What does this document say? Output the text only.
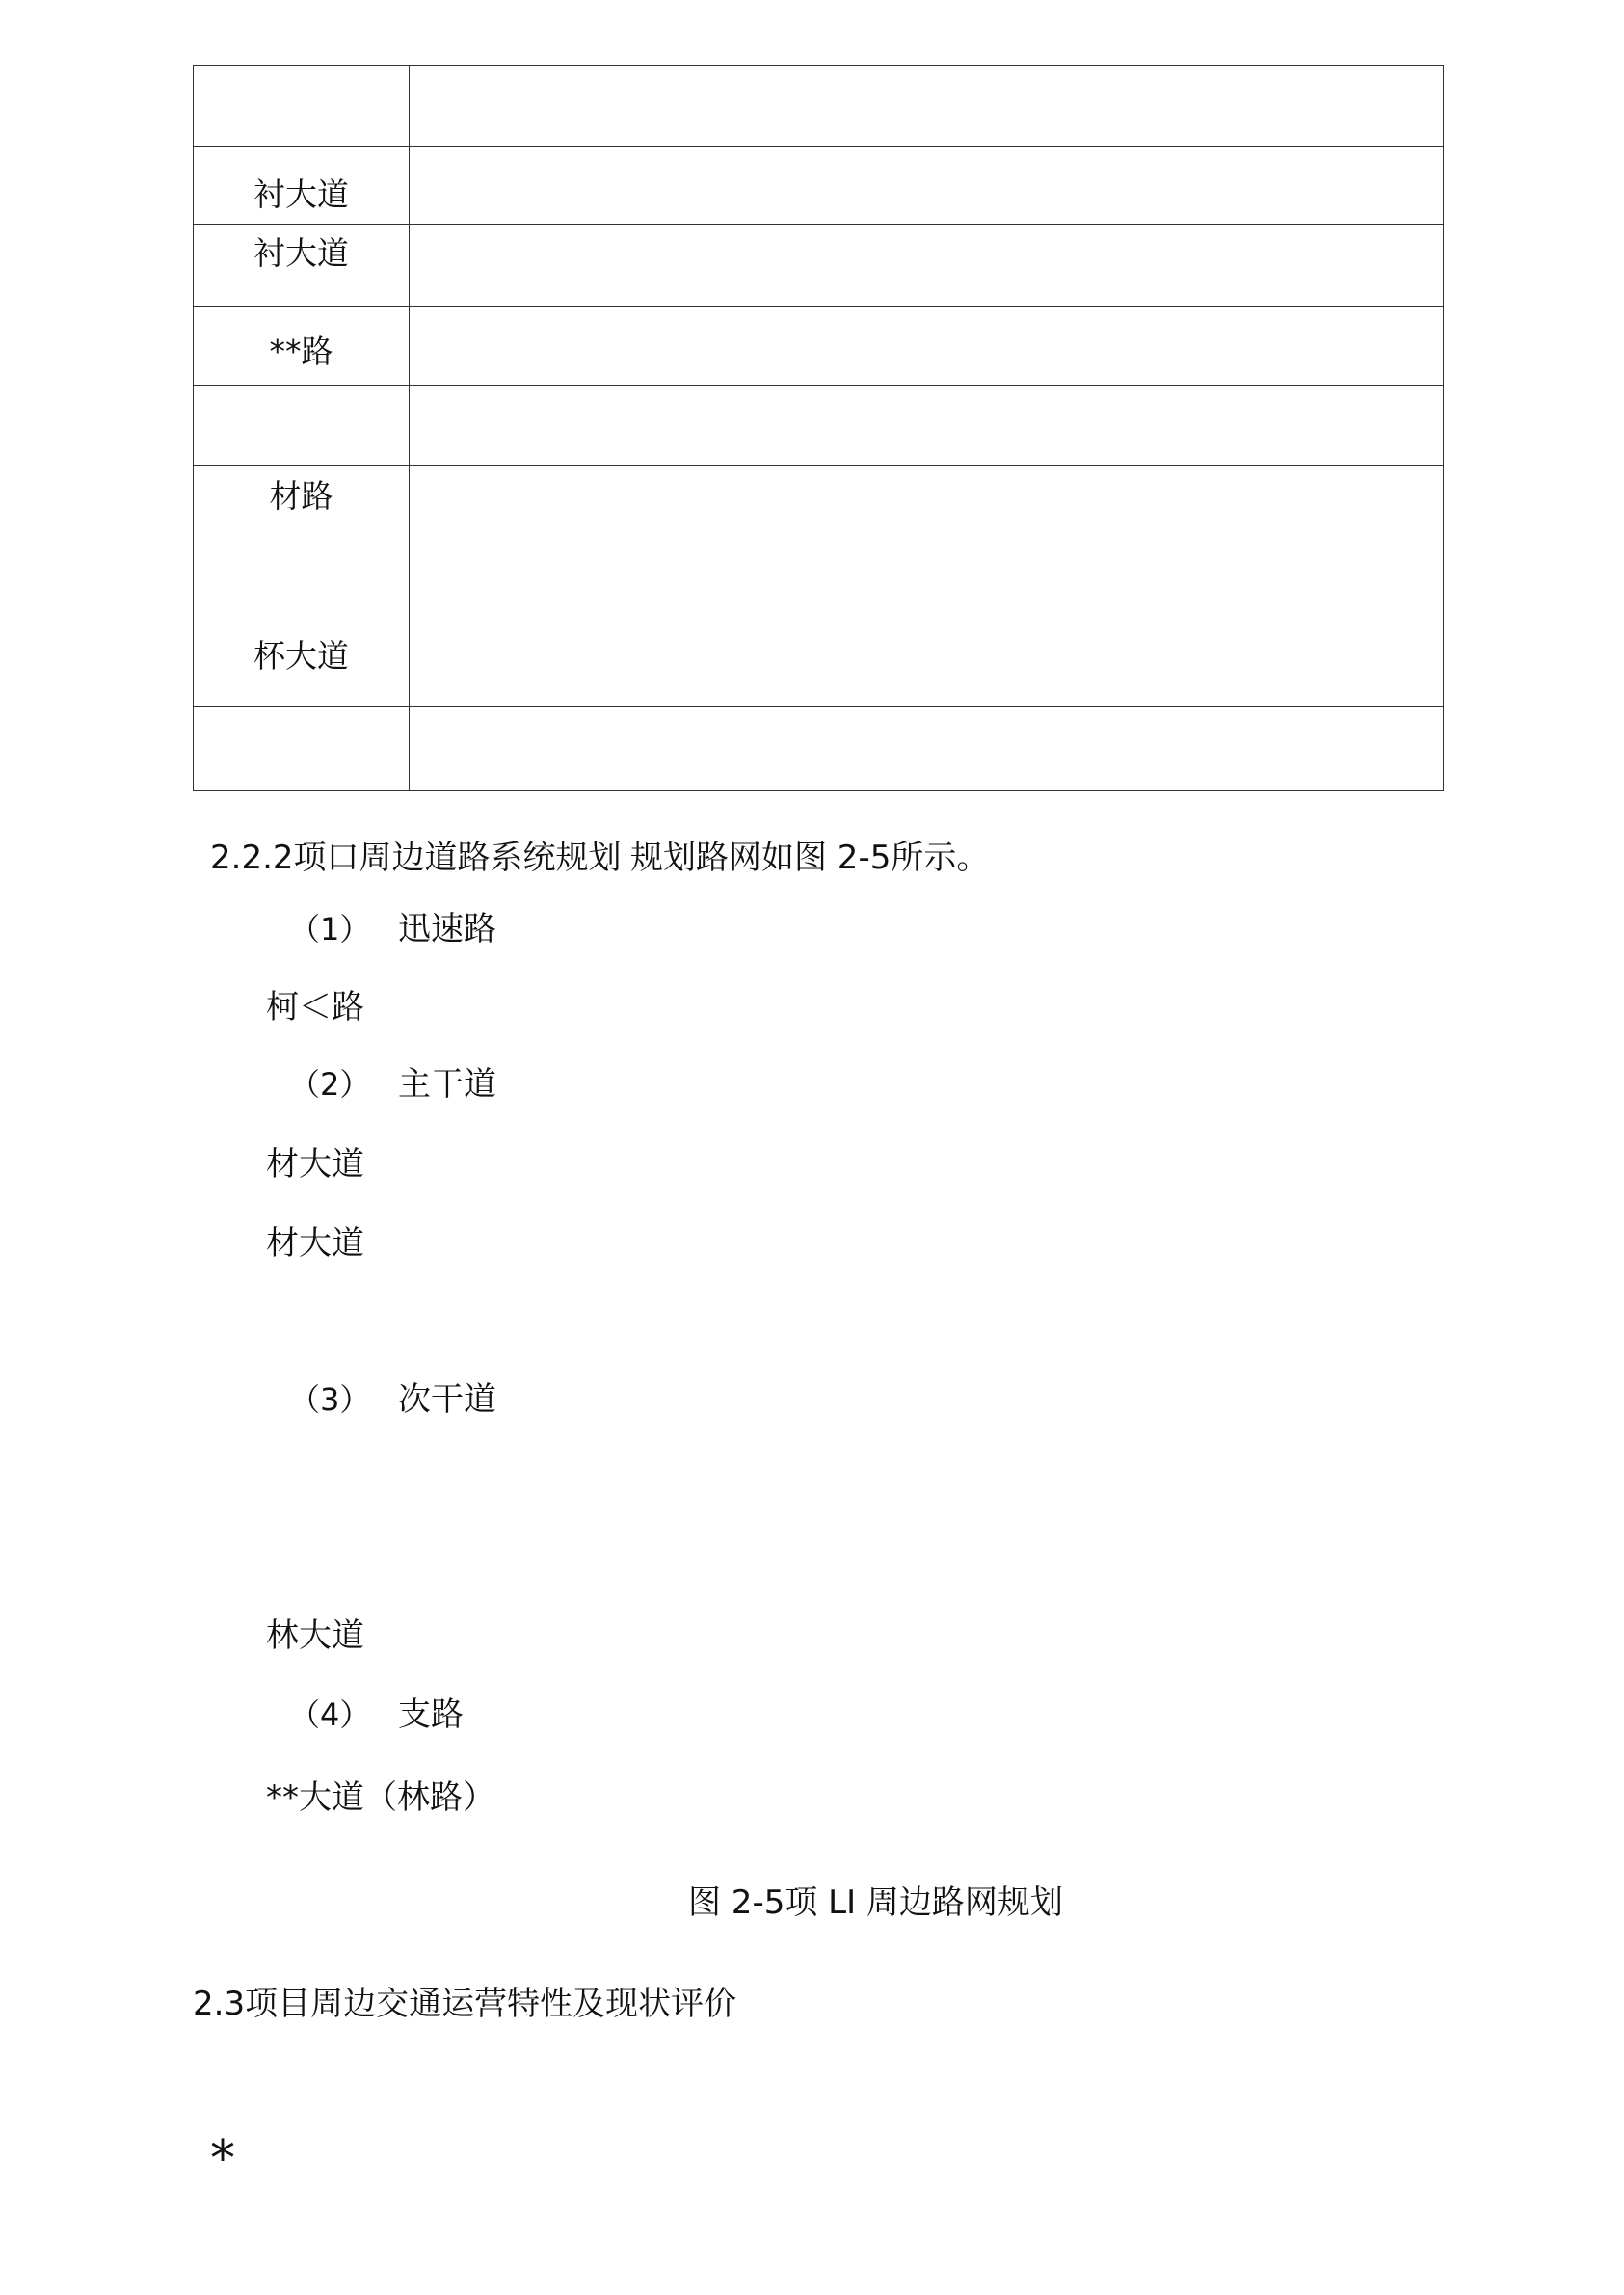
衬大道	

衬大道	

**路	

材路	

杯大道	

2.2.2项口周边道路系统规划 规划路网如图 2-5所示。
（1） 迅速路
柯＜路
（2） 主干道
材大道
材大道
（3） 次干道
林大道
（4） 支路
**大道（林路）
图 2-5项 LI 周边路网规划
2.3项目周边交通运营特性及现状评价
*
